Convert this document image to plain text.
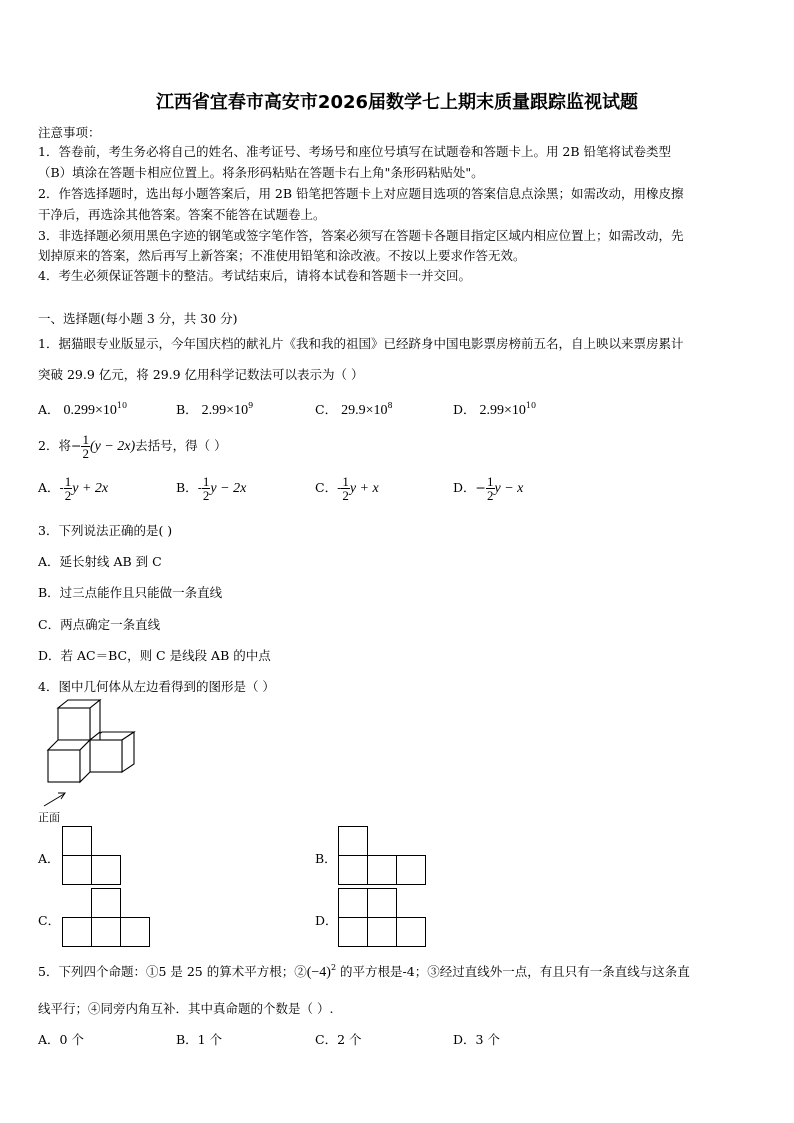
江西省宜春市高安市2026届数学七上期末质量跟踪监视试题
注意事项：
1．答卷前，考生务必将自己的姓名、准考证号、考场号和座位号填写在试题卷和答题卡上。用 2B 铅笔将试卷类型
（B）填涂在答题卡相应位置上。将条形码粘贴在答题卡右上角"条形码粘贴处"。
2．作答选择题时，选出每小题答案后，用 2B 铅笔把答题卡上对应题目选项的答案信息点涂黑；如需改动，用橡皮擦
干净后，再选涂其他答案。答案不能答在试题卷上。
3．非选择题必须用黑色字迹的钢笔或签字笔作答，答案必须写在答题卡各题目指定区域内相应位置上；如需改动，先
划掉原来的答案，然后再写上新答案；不准使用铅笔和涂改液。不按以上要求作答无效。
4．考生必须保证答题卡的整洁。考试结束后，请将本试卷和答题卡一并交回。
一、选择题(每小题 3 分，共 30 分)
1．据猫眼专业版显示，今年国庆档的献礼片《我和我的祖国》已经跻身中国电影票房榜前五名，自上映以来票房累计
突破 29.9 亿元，将 29.9 亿用科学记数法可以表示为（ ）
A． $0.299\times 10^{10}$	B． $2.99\times 10^9$	C． $29.9\times 10^8$	D． $2.99\times 10^{10}$
2．将− $\frac{1}{2} (y - 2x)$去括号，得（ ）
A．- $\frac{1}{2}$ y + 2x	B．- $\frac{1}{2}$ y − 2x	C．- $\frac{1}{2}$ y + x	D．− $\frac{1}{2}$ y − x
3．下列说法正确的是( )
A．延长射线 AB 到 C
B．过三点能作且只能做一条直线
C．两点确定一条直线
D．若 AC＝BC，则 C 是线段 AB 的中点
4．图中几何体从左边看得到的图形是（ ）
正面
A．	B．
C．	D．
5．下列四个命题：①5 是 25 的算术平方根；$②(-4)^2$ 的平方根是-4；③经过直线外一点，有且只有一条直线与这条直
线平行；④同旁内角互补．其中真命题的个数是（ ）.
A．0 个	B．1 个	C．2 个	D．3 个
